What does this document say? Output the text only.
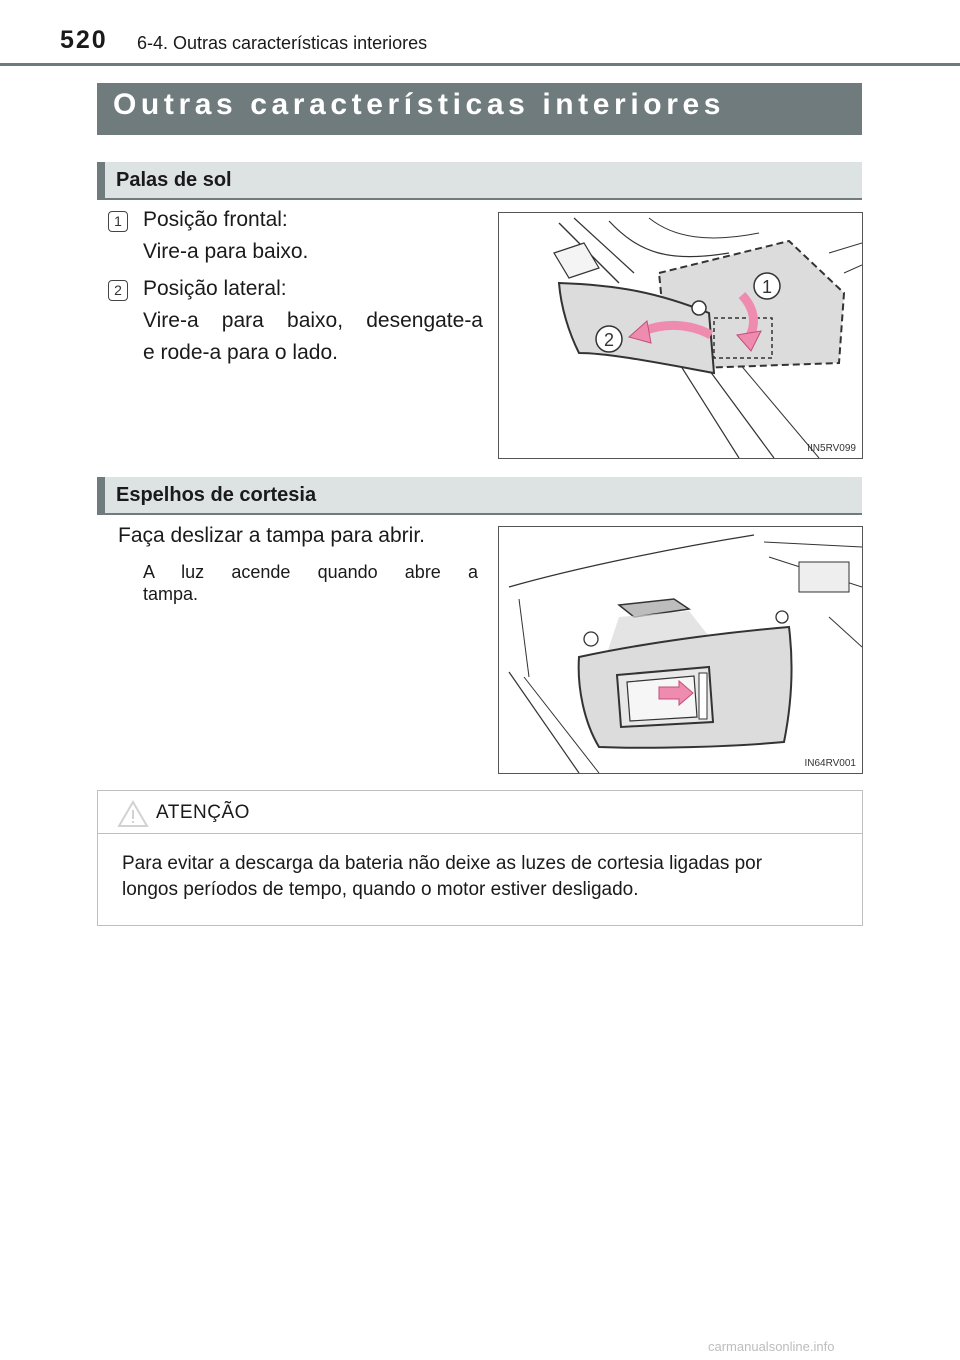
520 6-4. Outras características interiores
Outras características interiores
Palas de sol
1 Posição frontal:
Vire-a para baixo.
2 Posição lateral:
Vire-a para baixo, desengate-a
e rode-a para o lado.
1
2
IIN5RV099
Espelhos de cortesia
Faça deslizar a tampa para abrir.
A luz acende quando abre a
tampa.
IN64RV001
ATENÇÃO
Para evitar a descarga da bateria não deixe as luzes de cortesia ligadas por
longos períodos de tempo, quando o motor estiver desligado.
carmanualsonline.info
